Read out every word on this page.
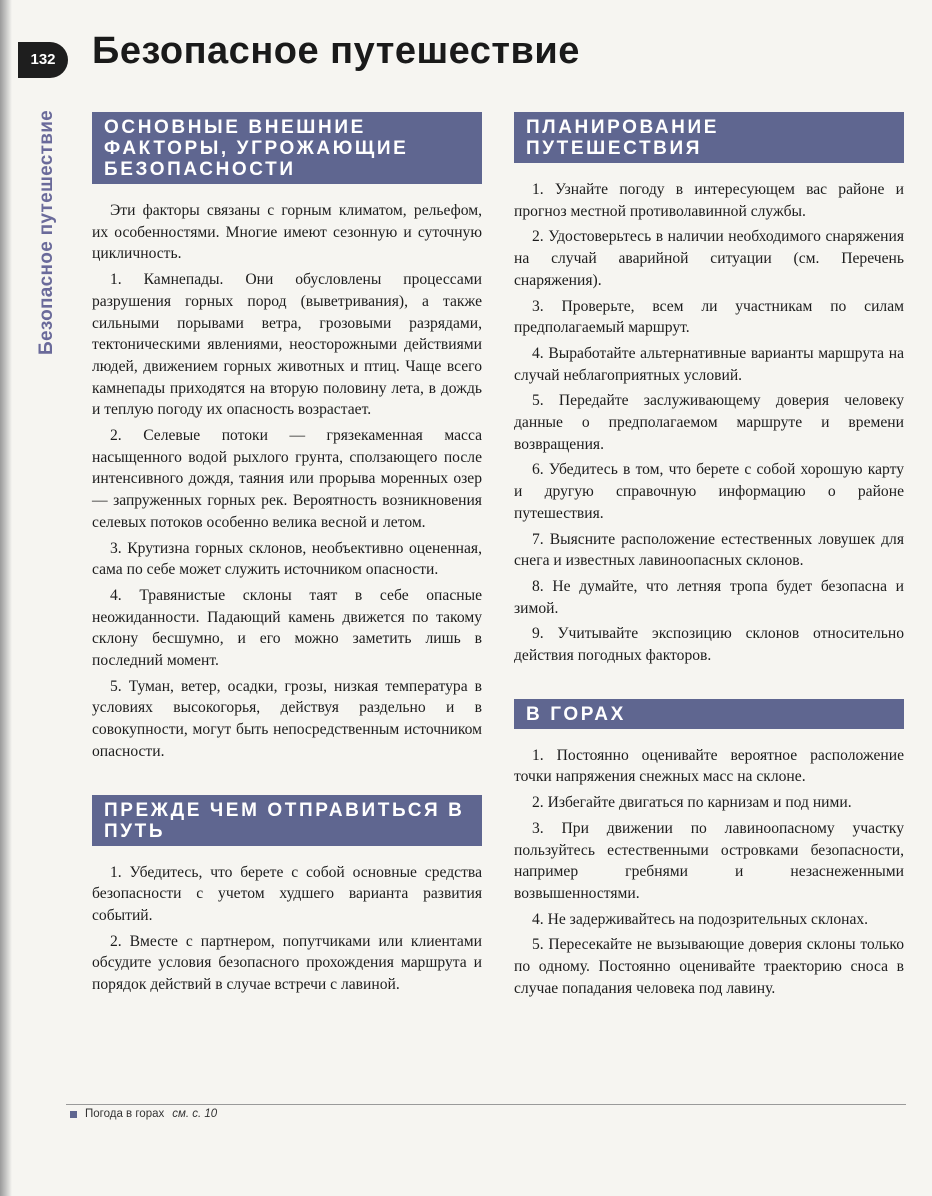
132 Безопасное путешествие
Безопасное путешествие	ОСНОВНЫЕ ВНЕШНИЕ ФАКТОРЫ, УГРОЖАЮЩИЕ БЕЗОПАСНОСТИ

Эти факторы связаны с горным климатом, рельефом, их особенностями. Многие имеют сезонную и суточную цикличность.

1. Камнепады. Они обусловлены процессами разрушения горных пород (выветривания), а также сильными порывами ветра, грозовыми разрядами, тектоническими явлениями, неосторожными действиями людей, движением горных животных и птиц. Чаще всего камнепады приходятся на вторую половину лета, в дождь и теплую погоду их опасность возрастает.

2. Селевые потоки — грязекаменная масса насыщенного водой рыхлого грунта, сползающего после интенсивного дождя, таяния или прорыва моренных озер — запруженных горных рек. Вероятность возникновения селевых потоков особенно велика весной и летом.

3. Крутизна горных склонов, необъективно оцененная, сама по себе может служить источником опасности.

4. Травянистые склоны таят в себе опасные неожиданности. Падающий камень движется по такому склону бесшумно, и его можно заметить лишь в последний момент.

5. Туман, ветер, осадки, грозы, низкая температура в условиях высокогорья, действуя раздельно и в совокупности, могут быть непосредственным источником опасности.

ПРЕЖДЕ ЧЕМ ОТПРАВИТЬСЯ В ПУТЬ

1. Убедитесь, что берете с собой основные средства безопасности с учетом худшего варианта развития событий.

2. Вместе с партнером, попутчиками или клиентами обсудите условия безопасного прохождения маршрута и порядок действий в случае встречи с лавиной.

ПЛАНИРОВАНИЕ ПУТЕШЕСТВИЯ

1. Узнайте погоду в интересующем вас районе и прогноз местной противолавинной службы.

2. Удостоверьтесь в наличии необходимого снаряжения на случай аварийной ситуации (см. Перечень снаряжения).

3. Проверьте, всем ли участникам по силам предполагаемый маршрут.

4. Выработайте альтернативные варианты маршрута на случай неблагоприятных условий.

5. Передайте заслуживающему доверия человеку данные о предполагаемом маршруте и времени возвращения.

6. Убедитесь в том, что берете с собой хорошую карту и другую справочную информацию о районе путешествия.

7. Выясните расположение естественных ловушек для снега и известных лавиноопасных склонов.

8. Не думайте, что летняя тропа будет безопасна и зимой.

9. Учитывайте экспозицию склонов относительно действия погодных факторов.

В ГОРАХ

1. Постоянно оценивайте вероятное расположение точки напряжения снежных масс на склоне.

2. Избегайте двигаться по карнизам и под ними.

3. При движении по лавиноопасному участку пользуйтесь естественными островками безопасности, например гребнями и незаснеженными возвышенностями.

4. Не задерживайтесь на подозрительных склонах.

5. Пересекайте не вызывающие доверия склоны только по одному. Постоянно оценивайте траекторию сноса в случае попадания человека под лавину.

Погода в горах см. с. 10
